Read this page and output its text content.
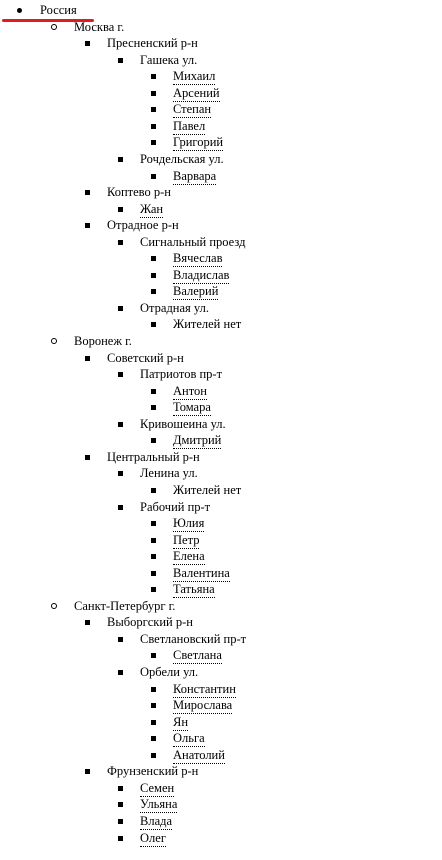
Россия
Москва г.
Пресненский р-н
Гашека ул.
Михаил
Арсений
Степан
Павел
Григорий
Рочдельская ул.
Варвара
Коптево р-н
Жан
Отрадное р-н
Сигнальный проезд
Вячеслав
Владислав
Валерий
Отрадная ул.
Жителей нет
Воронеж г.
Советский р-н
Патриотов пр-т
Антон
Томара
Кривошеина ул.
Дмитрий
Центральный р-н
Ленина ул.
Жителей нет
Рабочий пр-т
Юлия
Петр
Елена
Валентина
Татьяна
Санкт-Петербург г.
Выборгский р-н
Светлановский пр-т
Светлана
Орбели ул.
Константин
Мирослава
Ян
Ольга
Анатолий
Фрунзенский р-н
Семен
Ульяна
Влада
Олег
